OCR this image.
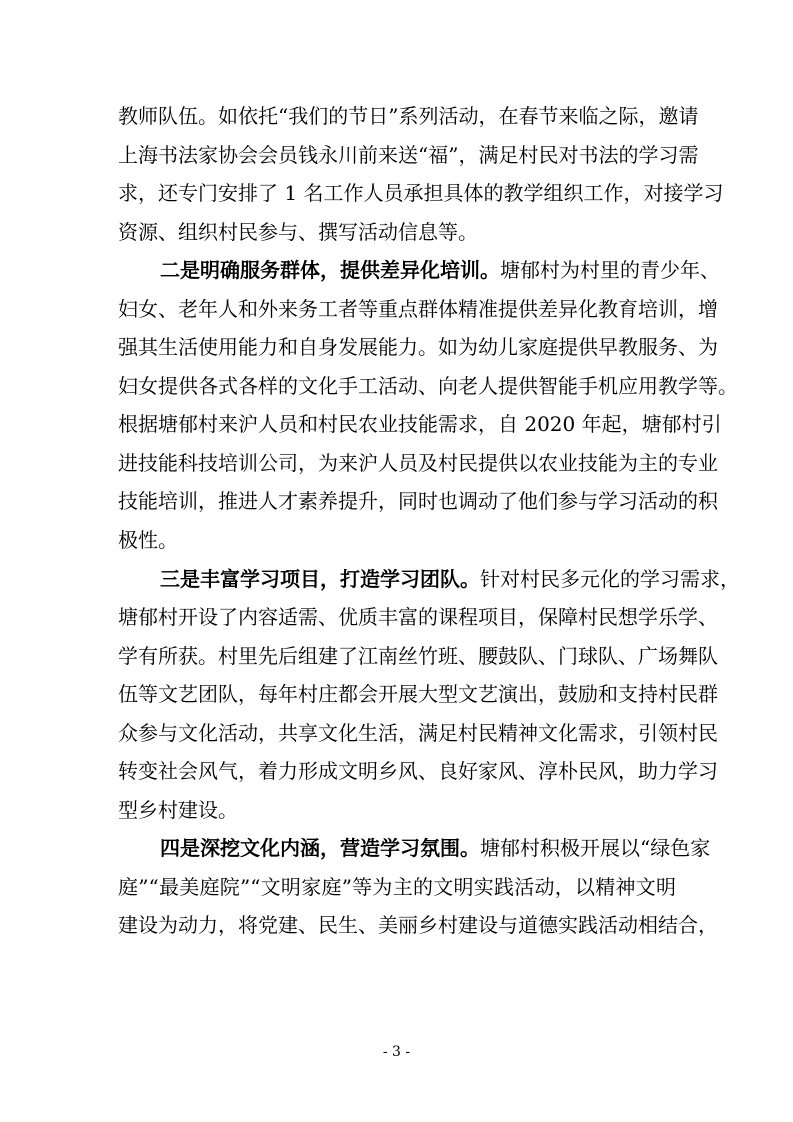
教师队伍。如依托“我们的节日”系列活动，在春节来临之际，邀请
上海书法家协会会员钱永川前来送“福”，满足村民对书法的学习需
求，还专门安排了 1 名工作人员承担具体的教学组织工作，对接学习
资源、组织村民参与、撰写活动信息等。
二是明确服务群体，提供差异化培训。塘郁村为村里的青少年、
妇女、老年人和外来务工者等重点群体精准提供差异化教育培训，增
强其生活使用能力和自身发展能力。如为幼儿家庭提供早教服务、为
妇女提供各式各样的文化手工活动、向老人提供智能手机应用教学等。
根据塘郁村来沪人员和村民农业技能需求，自 2020 年起，塘郁村引
进技能科技培训公司，为来沪人员及村民提供以农业技能为主的专业
技能培训，推进人才素养提升，同时也调动了他们参与学习活动的积
极性。
三是丰富学习项目，打造学习团队。针对村民多元化的学习需求，
塘郁村开设了内容适需、优质丰富的课程项目，保障村民想学乐学、
学有所获。村里先后组建了江南丝竹班、腰鼓队、门球队、广场舞队
伍等文艺团队，每年村庄都会开展大型文艺演出，鼓励和支持村民群
众参与文化活动，共享文化生活，满足村民精神文化需求，引领村民
转变社会风气，着力形成文明乡风、良好家风、淳朴民风，助力学习
型乡村建设。
四是深挖文化内涵，营造学习氛围。塘郁村积极开展以“绿色家
庭”“最美庭院”“文明家庭”等为主的文明实践活动，以精神文明
建设为动力，将党建、民生、美丽乡村建设与道德实践活动相结合，
- 3 -
